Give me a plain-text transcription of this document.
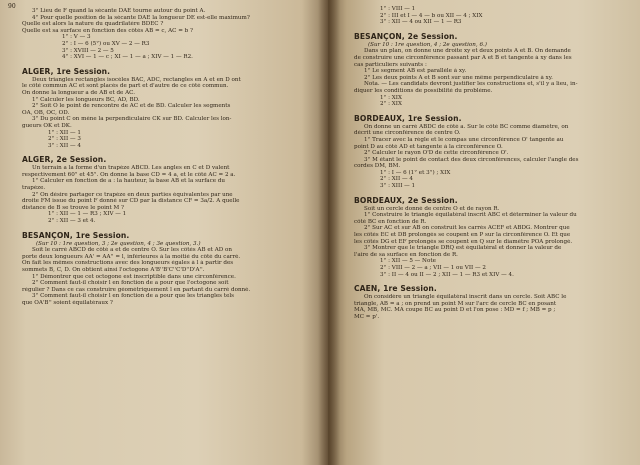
90
3° Lieu de F quand la sécante DAE tourne autour du point A.
4° Pour quelle position de la sécante DAE la longueur DE est-elle maximum?
Quelle est alors la nature du quadrilatère BDEC ?
Quelle est sa surface en fonction des côtés AB = c, AC = b ?
1° : V — 3
2° : I — 6 (5°) ou XV — 2 — R3
3° : XVIII — 2 — 5
4° : XVI — 1 — c ; XI — 1 — a ; XIV — 1 — R2.
ALGER, 1re Session.
Deux triangles rectangles isocèles BAC, ADC, rectangles en A et en D ont
le côté commun AC et sont placés de part et d'autre de ce côté commun.
On donne la longueur a de AB et de AC.
1° Calculer les longueurs BC, AD, BD.
2° Soit O le point de rencontre de AC et de BD. Calculer les segments
OA, OB, OC, OD.
3° Du point C on mène la perpendiculaire CK sur BD. Calculer les lon-
gueurs OK et DK.
1° : XII — 1
2° : XII — 3
3° : XII — 4
ALGER, 2e Session.
Un terrain a la forme d'un trapèze ABCD. Les angles en C et D valent
respectivement 60° et 45°. On donne la base CD = 4 a, et le côté AC = 2 a.
1° Calculer en fonction de a : la hauteur, la base AB et la surface du
trapèze.
2° On désire partager ce trapèze en deux parties équivalentes par une
droite FM issue du point F donné sur CD par la distance CF = 3a/2. A quelle
distance de B se trouve le point M ?
1° : XII — 1 — R3 ; XIV — 1
2° : XII — 3 et 4.
BESANÇON, 1re Session.
(Sur 10 : 1re question, 3 ; 2e question, 4 ; 3e question, 3.)
Soit le carré ABCD de côté a et de centre O. Sur les côtés AB et AD on
porte deux longueurs AA' = AA'' = l, inférieures à la moitié du côté du carré.
On fait les mêmes constructions avec des longueurs égales à l à partir des
sommets B, C, D. On obtient ainsi l'octogone A'B''B'C''C'D''D'A''.
1° Démontrer que cet octogone est inscriptible dans une circonférence.
2° Comment faut-il choisir l en fonction de a pour que l'octogone soit
régulier ? Dans ce cas construire géométriquement l en partant du carré donné.
3° Comment faut-il choisir l en fonction de a pour que les triangles tels
que OA'B'' soient équilatéraux ?
1° : VIII — 1
2° : III et I — 4 — b ou XII — 4 ; XIX
3° : XII — 4 ou XII — 1 — R3
BESANÇON, 2e Session.
(Sur 10 : 1re question, 4 ; 2e question, 6.)
Dans un plan, on donne une droite xy et deux points A et B. On demande
de construire une circonférence passant par A et B et tangente à xy dans les
cas particuliers suivants :
1° Le segment AB est parallèle à xy.
2° Les deux points A et B sont sur une même perpendiculaire à xy.
Nota. — Les candidats devront justifier les constructions et, s'il y a lieu, in-
diquer les conditions de possibilité du problème.
1° : XIX
2° : XIX
BORDEAUX, 1re Session.
On donne un carré ABDC de côté a. Sur le côté BC comme diamètre, on
décrit une circonférence de centre O.
1° Tracer avec la règle et le compas une circonférence O' tangente au
point D au côté AD et tangente à la circonférence O.
2° Calculer le rayon O'D de cette circonférence O'.
3° M étant le point de contact des deux circonférences, calculer l'angle des
cordes DM, BM.
1° : I — 6 (1° et 3°) ; XIX
2° : XII — 4
3° : XIII — 1
BORDEAUX, 2e Session.
Soit un cercle donné de centre O et de rayon R.
1° Construire le triangle équilatéral inscrit ABC et déterminer la valeur du
côté BC en fonction de R.
2° Sur AC et sur AB on construit les carrés ACEF et ABDG. Montrer que
les côtés EC et DB prolongés se coupent en P sur la circonférence O. Et que
les côtés DG et EF prolongés se coupent en Q sur le diamètre POA prolongé.
3° Montrer que le triangle DRQ est équilatéral et donner la valeur de
l'aire de sa surface en fonction de R.
1° : XII — 5 — Note
2° : VIII — 2 — a ; VII — 1 ou VII — 2
3° : II — 4 ou II — 2 ; XII — 1 — R3 et XIV — 4.
CAEN, 1re Session.
On considère un triangle équilatéral inscrit dans un cercle. Soit ABC le
triangle, AB = a ; on prend un point M sur l'arc de cercle BC en posant
MA, MB, MC. MA coupe BC au point D et l'on pose : MD = f ; MB = p ;
MC = p'.
